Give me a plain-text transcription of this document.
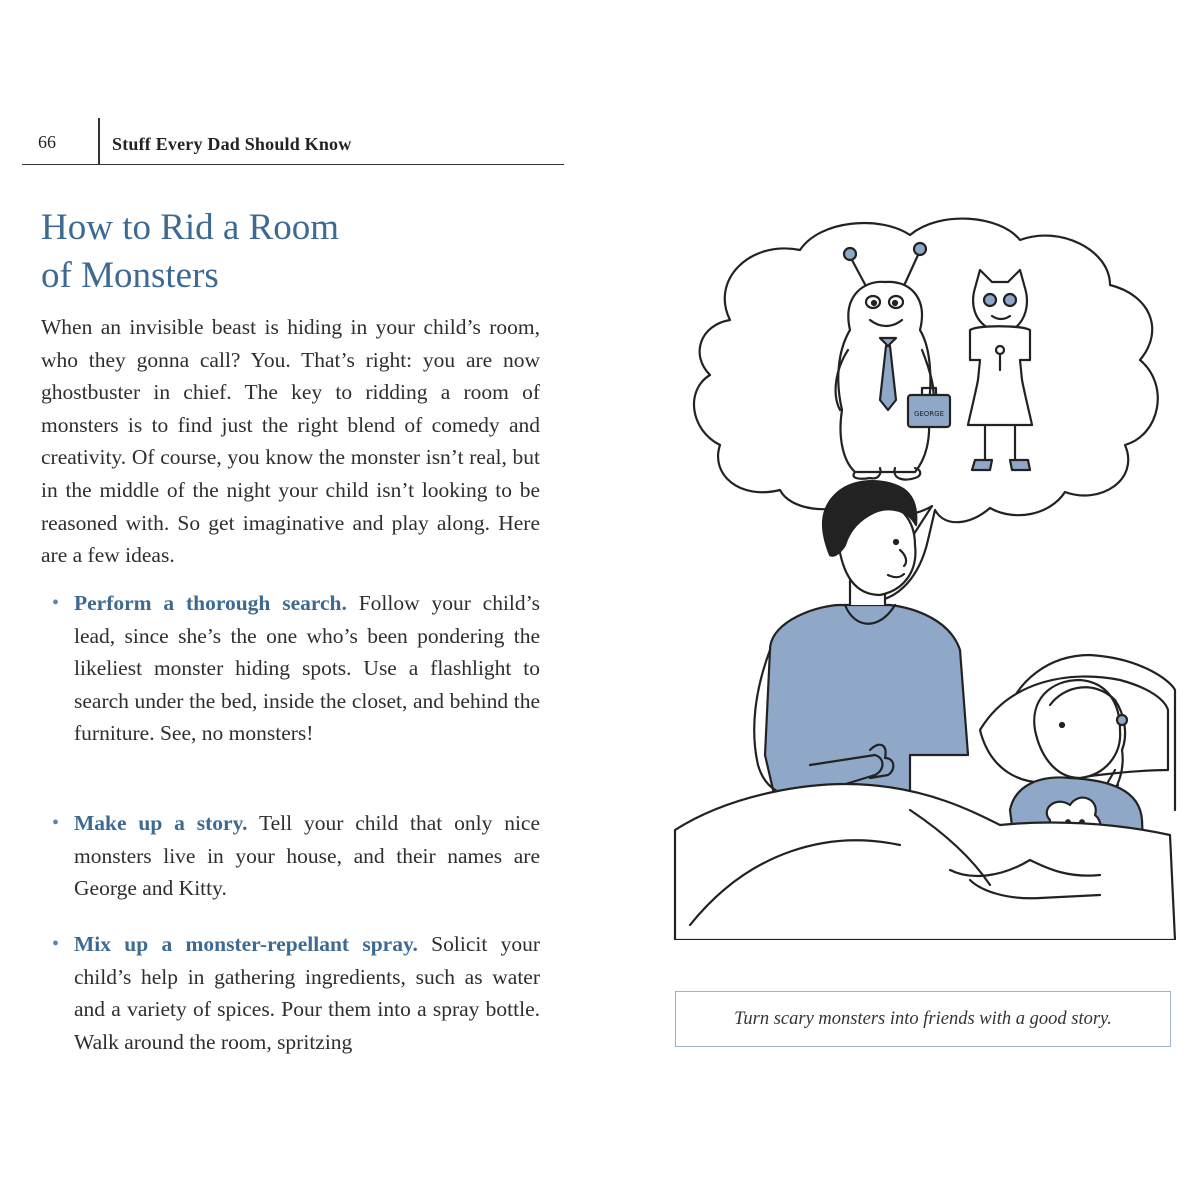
66	Stuff Every Dad Should Know
How to Rid a Room
of Monsters

When an invisible beast is hiding in your child’s room, who they gonna call? You. That’s right: you are now ghostbuster in chief. The key to ridding a room of monsters is to find just the right blend of comedy and creativity. Of course, you know the monster isn’t real, but in the middle of the night your child isn’t looking to be reasoned with. So get imaginative and play along. Here are a few ideas.

• Perform a thorough search. Follow your child’s lead, since she’s the one who’s been pondering the likeliest monster hiding spots. Use a flashlight to search under the bed, inside the closet, and behind the furniture. See, no monsters!

• Make up a story. Tell your child that only nice monsters live in your house, and their names are George and Kitty.

• Mix up a monster-repellant spray. Solicit your child’s help in gathering ingredients, such as water and a variety of spices. Pour them into a spray bottle. Walk around the room, spritzing

GEORGE
Turn scary monsters into friends with a good story.
